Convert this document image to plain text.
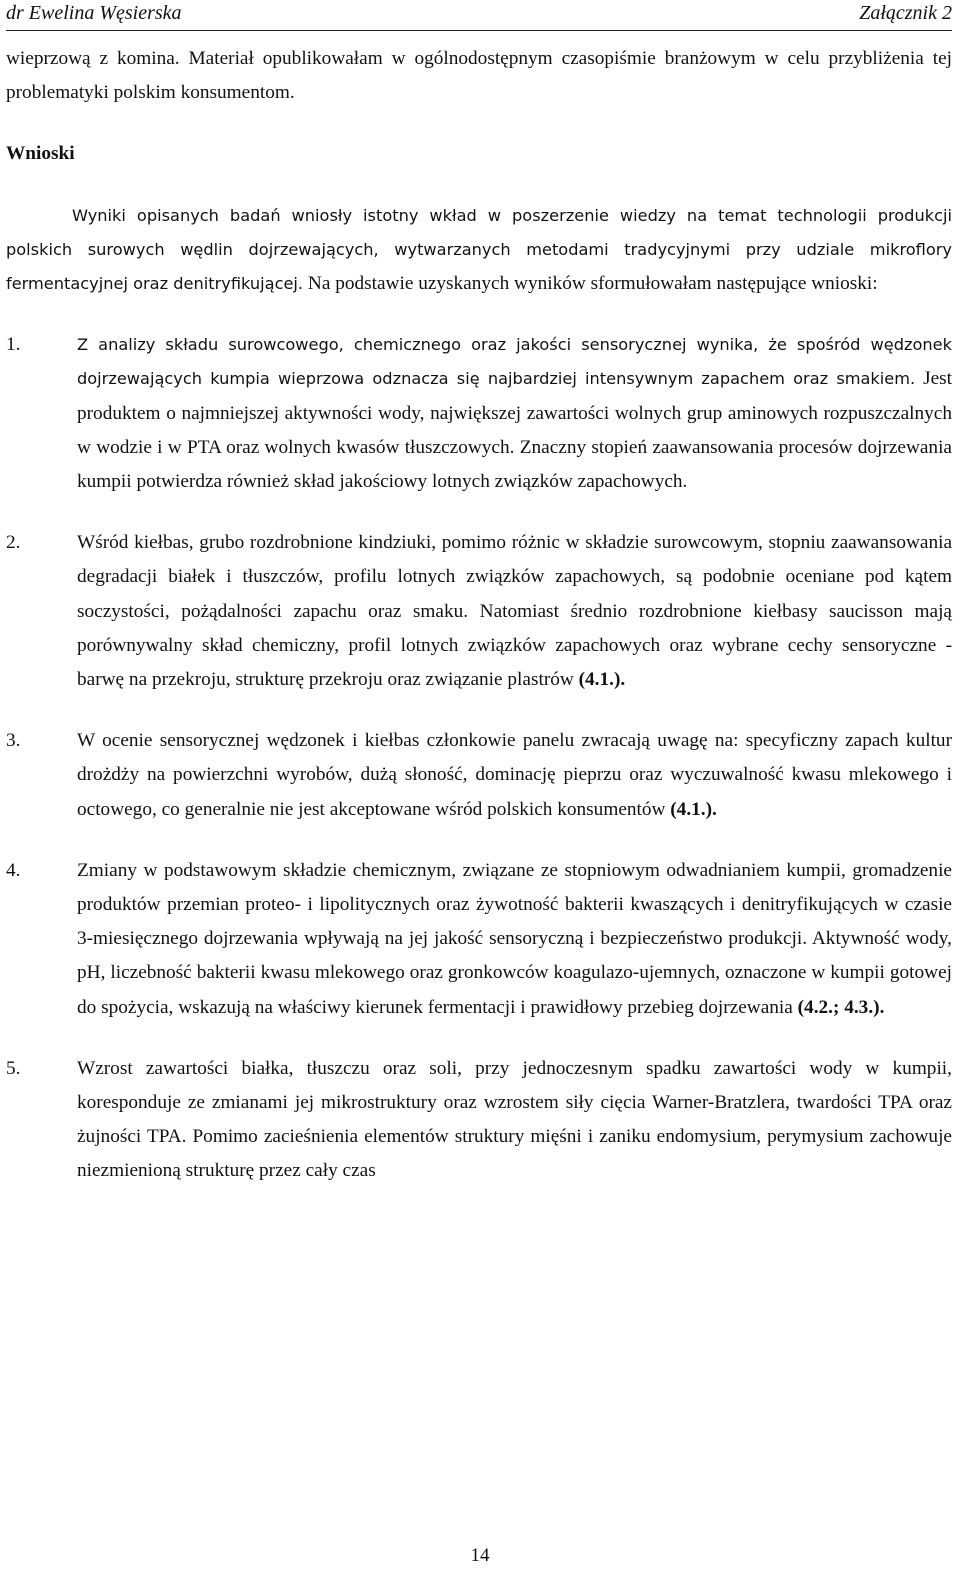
dr Ewelina Węsierska	Załącznik 2

wieprzową z komina. Materiał opublikowałam w ogólnodostępnym czasopiśmie branżowym w celu przybliżenia tej problematyki polskim konsumentom.

Wnioski

Wyniki opisanych badań wniosły istotny wkład w poszerzenie wiedzy na temat technologii produkcji polskich surowych wędlin dojrzewających, wytwarzanych metodami tradycyjnymi przy udziale mikroflory fermentacyjnej oraz denitryfikującej. Na podstawie uzyskanych wyników sformułowałam następujące wnioski:

1 .	Z analizy składu surowcowego, chemicznego oraz jakości sensorycznej wynika, że spośród wędzonek dojrzewających kumpia wieprzowa odznacza się najbardziej intensywnym zapachem oraz smakiem. Jest produktem o najmniejszej aktywności wody, największej zawartości wolnych grup aminowych rozpuszczalnych w wodzie i w PTA oraz wolnych kwasów tłuszczowych. Znaczny stopień zaawansowania procesów dojrzewania kumpii potwierdza również skład jakościowy lotnych związków zapachowych.

2 .	Wśród kiełbas, grubo rozdrobnione kindziuki, pomimo różnic w składzie surowcowym, stopniu zaawansowania degradacji białek i tłuszczów, profilu lotnych związków zapachowych, są podobnie oceniane pod kątem soczystości, pożądalności zapachu oraz smaku. Natomiast średnio rozdrobnione kiełbasy saucisson mają porównywalny skład chemiczny, profil lotnych związków zapachowych oraz wybrane cechy sensoryczne - barwę na przekroju, strukturę przekroju oraz związanie plastrów (4.1.).

3 .	W ocenie sensorycznej wędzonek i kiełbas członkowie panelu zwracają uwagę na: specyficzny zapach kultur drożdży na powierzchni wyrobów, dużą słoność, dominację pieprzu oraz wyczuwalność kwasu mlekowego i octowego, co generalnie nie jest akceptowane wśród polskich konsumentów (4.1.).

4 .	Zmiany w podstawowym składzie chemicznym, związane ze stopniowym odwadnianiem kumpii, gromadzenie produktów przemian proteo- i lipolitycznych oraz żywotność bakterii kwaszących i denitryfikujących w czasie 3-miesięcznego dojrzewania wpływają na jej jakość sensoryczną i bezpieczeństwo produkcji. Aktywność wody, pH, liczebność bakterii kwasu mlekowego oraz gronkowców koagulazo-ujemnych, oznaczone w kumpii gotowej do spożycia, wskazują na właściwy kierunek fermentacji i prawidłowy przebieg dojrzewania (4.2.; 4.3.).

5 .	Wzrost zawartości białka, tłuszczu oraz soli, przy jednoczesnym spadku zawartości wody w kumpii, koresponduje ze zmianami jej mikrostruktury oraz wzrostem siły cięcia Warner-Bratzlera, twardości TPA oraz żujności TPA. Pomimo zacieśnienia elementów struktury mięśni i zaniku endomysium, perymysium zachowuje niezmienioną strukturę przez cały czas

14
